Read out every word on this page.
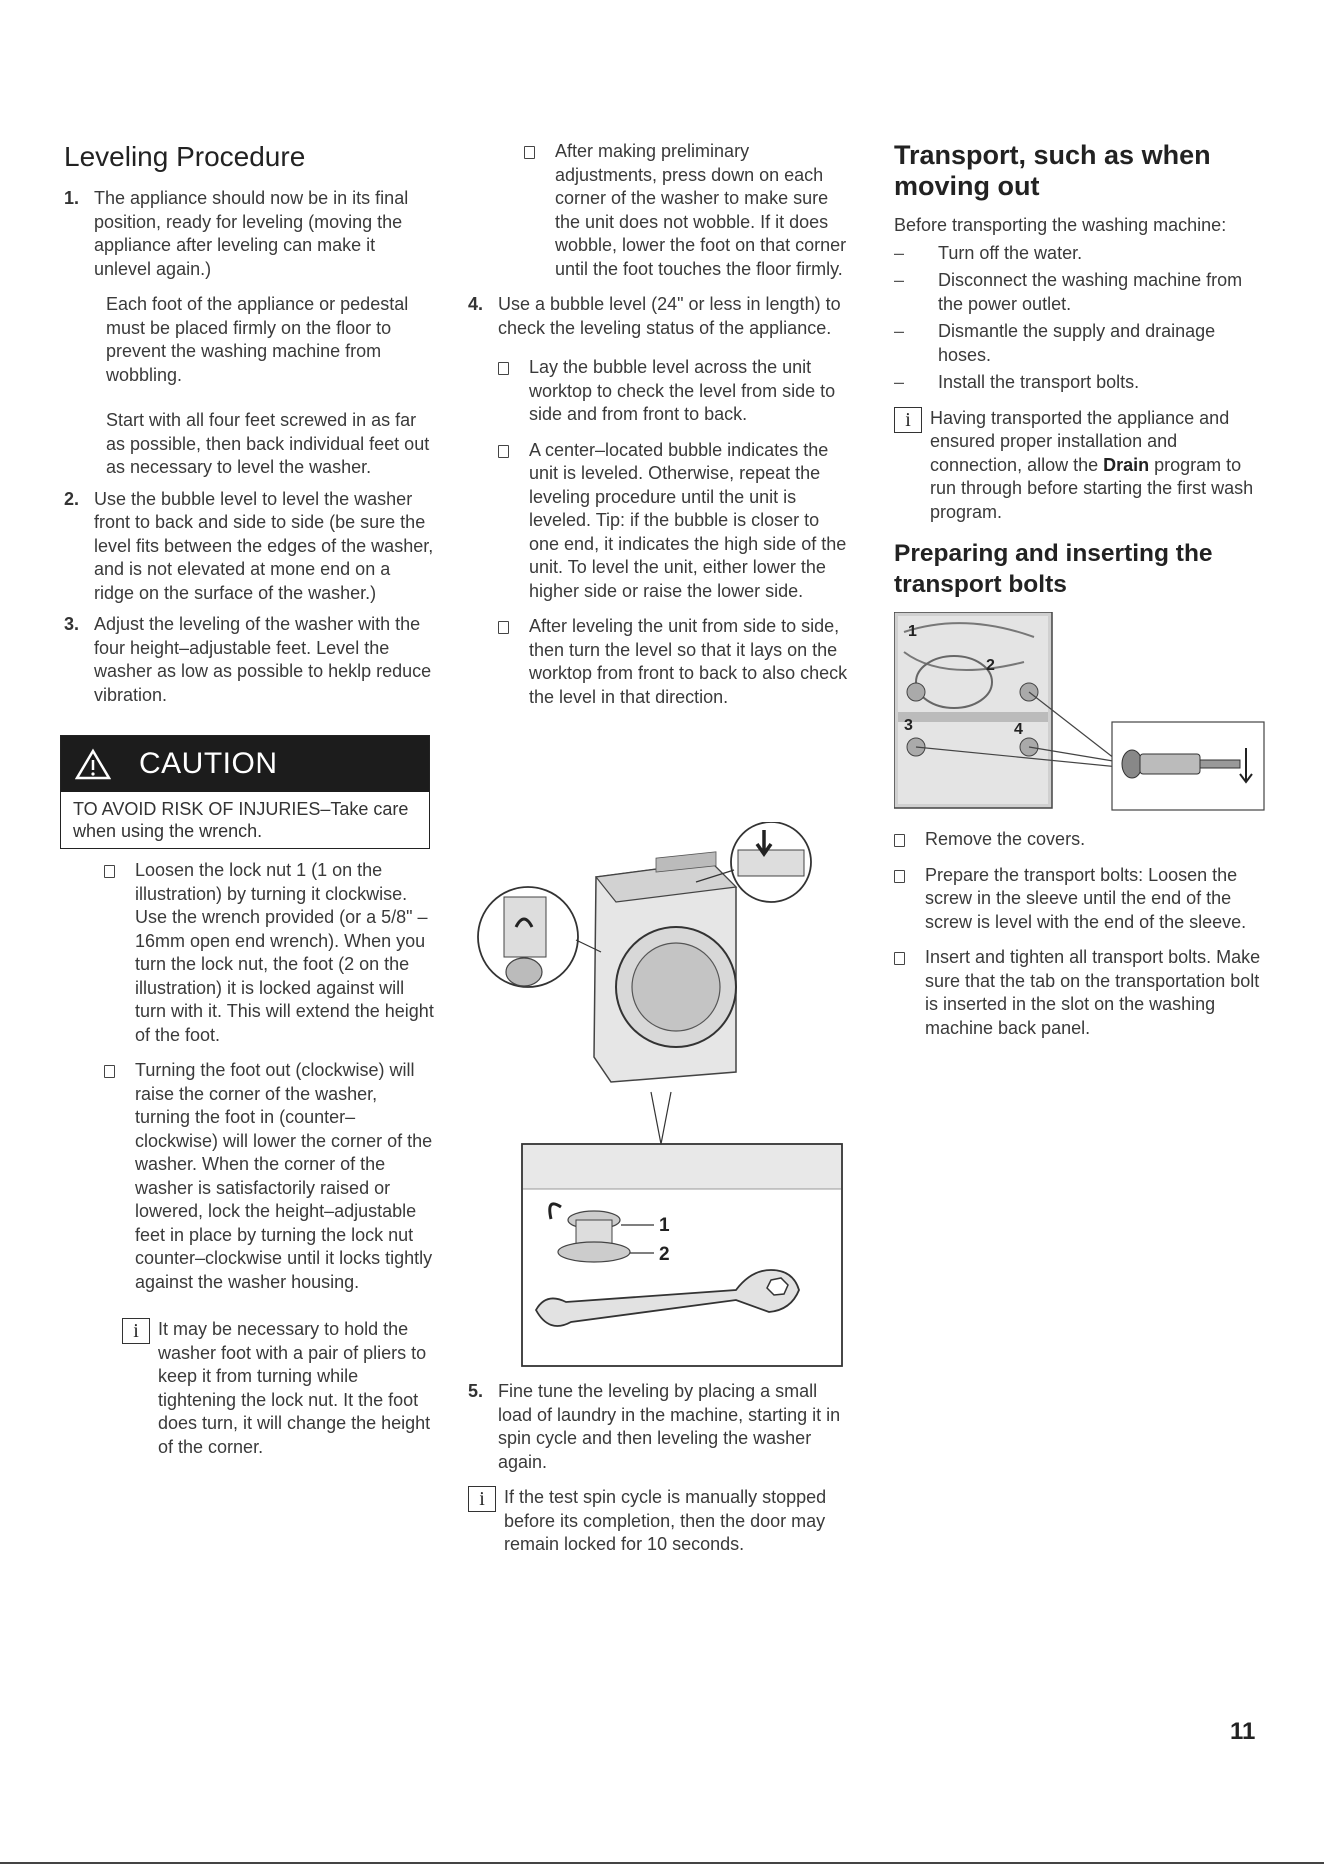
Leveling Procedure
1. The appliance should now be in its final position, ready for leveling (moving the appliance after leveling can make it unlevel again.)
Each foot of the appliance or pedestal must be placed firmly on the floor to prevent the washing machine from wobbling.
Start with all four feet screwed in as far as possible, then back individual feet out as necessary to level the washer.
2. Use the bubble level to level the washer front to back and side to side (be sure the level fits between the edges of the washer, and is not elevated at mone end on a ridge on the surface of the washer.)
3. Adjust the leveling of the washer with the four height–adjustable feet. Level the washer as low as possible to heklp reduce vibration.
CAUTION
TO AVOID RISK OF INJURIES–Take care when using the wrench.
Loosen the lock nut 1 (1 on the illustration) by turning it clockwise. Use the wrench provided (or a 5/8" – 16mm open end wrench). When you turn the lock nut, the foot (2 on the illustration) it is locked against will turn with it. This will extend the height of the foot.
Turning the foot out (clockwise) will raise the corner of the washer, turning the foot in (counter–clockwise) will lower the corner of the washer. When the corner of the washer is satisfactorily raised or lowered, lock the height–adjustable feet in place by turning the lock nut counter–clockwise until it locks tightly against the washer housing.
i	It may be necessary to hold the washer foot with a pair of pliers to keep it from turning while tightening the lock nut. It the foot does turn, it will change the height of the corner.
After making preliminary adjustments, press down on each corner of the washer to make sure the unit does not wobble. If it does wobble, lower the foot on that corner until the foot touches the floor firmly.
4. Use a bubble level (24" or less in length) to check the leveling status of the appliance.
Lay the bubble level across the unit worktop to check the level from side to side and from front to back.
A center–located bubble indicates the unit is leveled. Otherwise, repeat the leveling procedure until the unit is leveled. Tip: if the bubble is closer to one end, it indicates the high side of the unit. To level the unit, either lower the higher side or raise the lower side.
After leveling the unit from side to side, then turn the level so that it lays on the worktop from front to back to also check the level in that direction.
1
2
5. Fine tune the leveling by placing a small load of laundry in the machine, starting it in spin cycle and then leveling the washer again.
i	If the test spin cycle is manually stopped before its completion, then the door may remain locked for 10 seconds.
Transport, such as when moving out
Before transporting the washing machine:
–	Turn off the water.
–	Disconnect the washing machine from the power outlet.
–	Dismantle the supply and drainage hoses.
–	Install the transport bolts.
i	Having transported the appliance and ensured proper installation and connection, allow the Drain program to run through before starting the first wash program.
Preparing and inserting the transport bolts
1
2
3	4
Remove the covers.
Prepare the transport bolts: Loosen the screw in the sleeve until the end of the screw is level with the end of the sleeve.
Insert and tighten all transport bolts. Make sure that the tab on the transportation bolt is inserted in the slot on the washing machine back panel.
11
